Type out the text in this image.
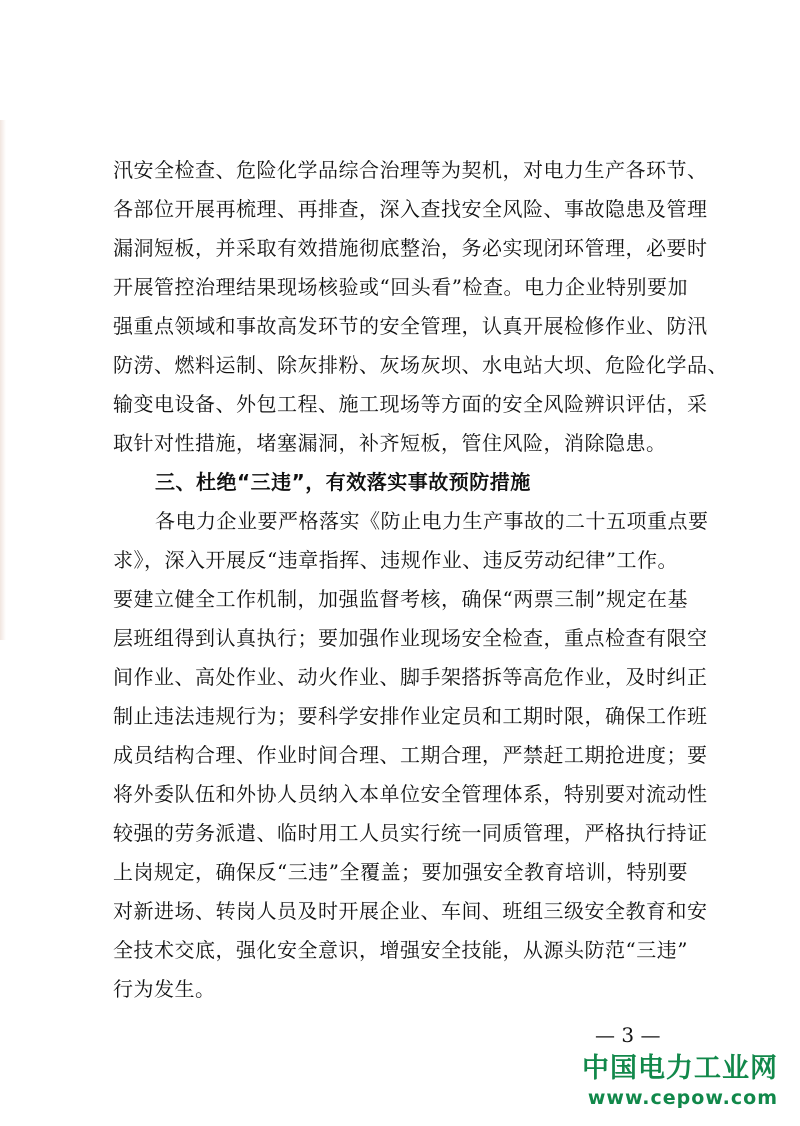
汛安全检查、危险化学品综合治理等为契机，对电力生产各环节、
各部位开展再梳理、再排查，深入查找安全风险、事故隐患及管理
漏洞短板，并采取有效措施彻底整治，务必实现闭环管理，必要时
开展管控治理结果现场核验或“回头看”检查。电力企业特别要加
强重点领域和事故高发环节的安全管理，认真开展检修作业、防汛
防涝、燃料运制、除灰排粉、灰场灰坝、水电站大坝、危险化学品、
输变电设备、外包工程、施工现场等方面的安全风险辨识评估，采
取针对性措施，堵塞漏洞，补齐短板，管住风险，消除隐患。
三、杜绝“三违”，有效落实事故预防措施
各电力企业要严格落实《防止电力生产事故的二十五项重点要
求》，深入开展反“违章指挥、违规作业、违反劳动纪律”工作。
要建立健全工作机制，加强监督考核，确保“两票三制”规定在基
层班组得到认真执行；要加强作业现场安全检查，重点检查有限空
间作业、高处作业、动火作业、脚手架搭拆等高危作业，及时纠正
制止违法违规行为；要科学安排作业定员和工期时限，确保工作班
成员结构合理、作业时间合理、工期合理，严禁赶工期抢进度；要
将外委队伍和外协人员纳入本单位安全管理体系，特别要对流动性
较强的劳务派遣、临时用工人员实行统一同质管理，严格执行持证
上岗规定，确保反“三违”全覆盖；要加强安全教育培训，特别要
对新进场、转岗人员及时开展企业、车间、班组三级安全教育和安
全技术交底，强化安全意识，增强安全技能，从源头防范“三违”
行为发生。
— 3 —
中国电力工业网
www.cepow.com
